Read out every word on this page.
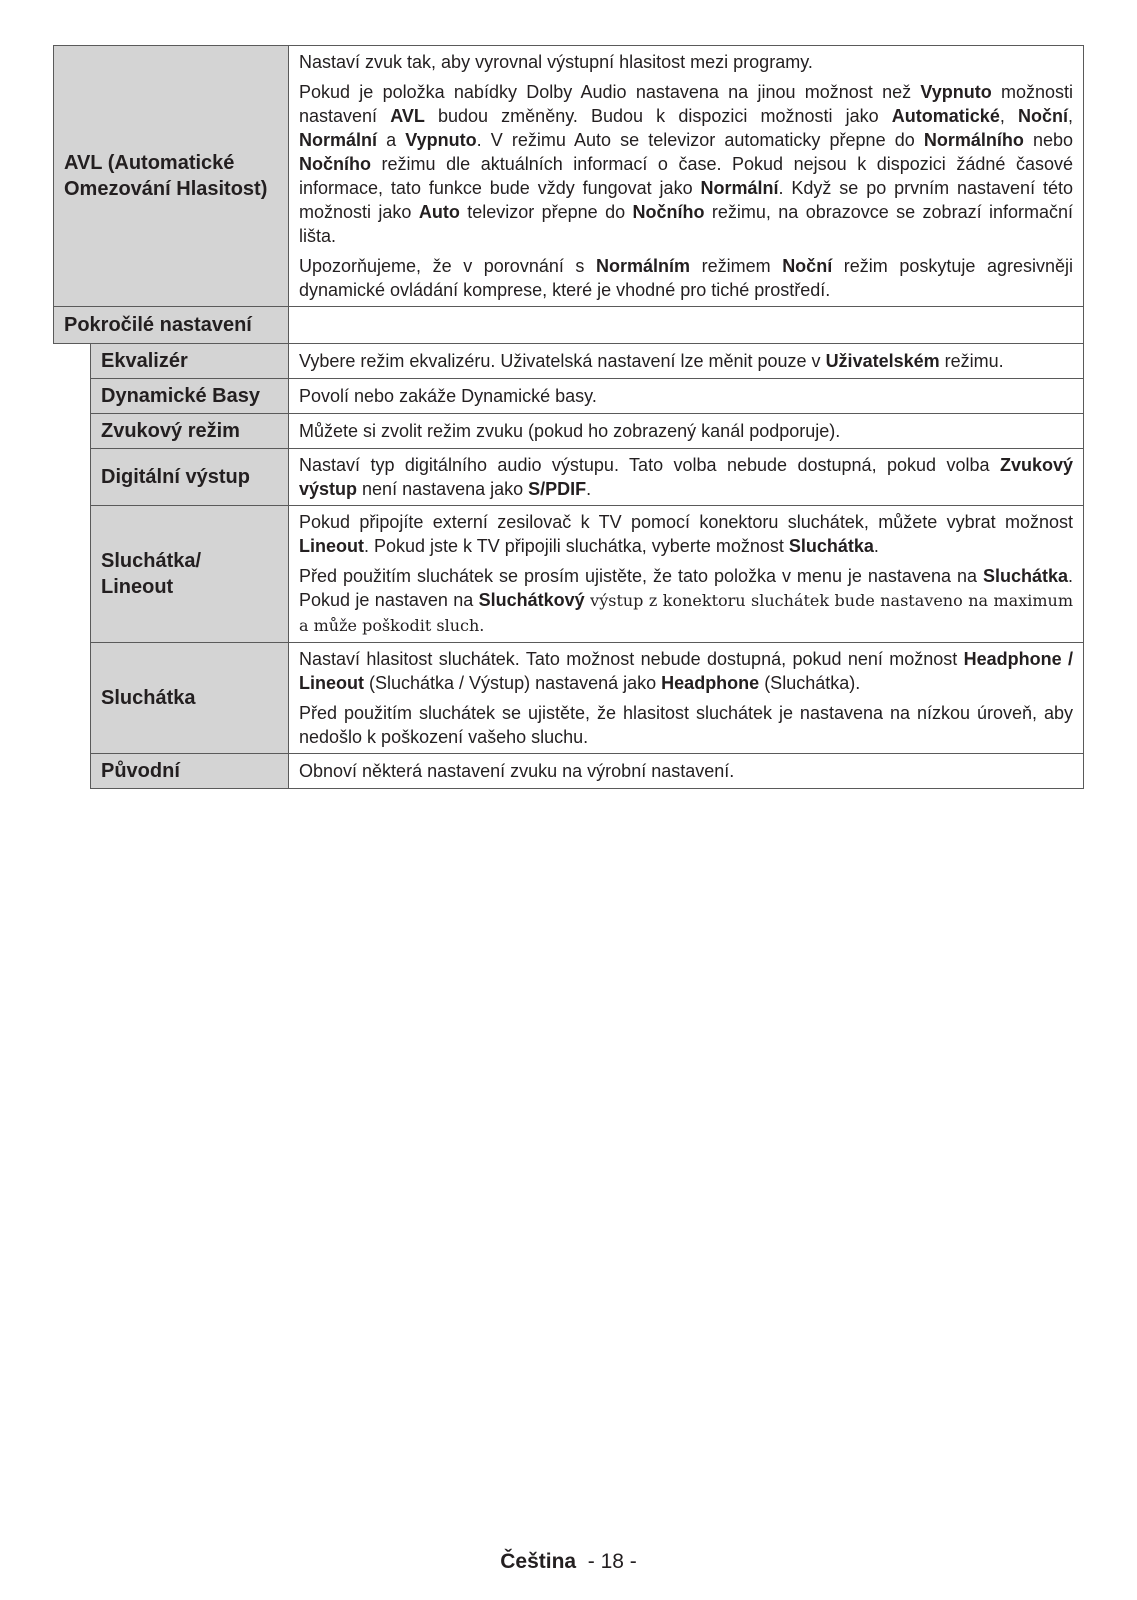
AVL (Automatické Omezování Hlasitost)		Nastaví zvuk tak, aby vyrovnal výstupní hlasitost mezi programy.

Pokud je položka nabídky Dolby Audio nastavena na jinou možnost než Vypnuto možnosti nastavení AVL budou změněny. Budou k dispozici možnosti jako Automatické, Noční, Normální a Vypnuto. V režimu Auto se televizor automaticky přepne do Normálního nebo Nočního režimu dle aktuálních informací o čase. Pokud nejsou k dispozici žádné časové informace, tato funkce bude vždy fungovat jako Normální. Když se po prvním nastavení této možnosti jako Auto televizor přepne do Nočního režimu, na obrazovce se zobrazí informační lišta.

Upozorňujeme, že v porovnání s Normálním režimem Noční režim poskytuje agresivněji dynamické ovládání komprese, které je vhodné pro tiché prostředí.

Pokročilé nastavení		
	Ekvalizér	Vybere režim ekvalizéru. Uživatelská nastavení lze měnit pouze v Uživatelském režimu.

	Dynamické Basy	Povolí nebo zakáže Dynamické basy.

	Zvukový režim	Můžete si zvolit režim zvuku (pokud ho zobrazený kanál podporuje).

	Digitální výstup	Nastaví typ digitálního audio výstupu. Tato volba nebude dostupná, pokud volba Zvukový výstup není nastavena jako S/PDIF.

	Sluchátka/ Lineout	Pokud připojíte externí zesilovač k TV pomocí konektoru sluchátek, můžete vybrat možnost Lineout. Pokud jste k TV připojili sluchátka, vyberte možnost Sluchátka.

Před použitím sluchátek se prosím ujistěte, že tato položka v menu je nastavena na Sluchátka. Pokud je nastaven na Sluchátkový výstup z konektoru sluchátek bude nastaveno na maximum a může poškodit sluch.

	Sluchátka	Nastaví hlasitost sluchátek. Tato možnost nebude dostupná, pokud není možnost Headphone / Lineout (Sluchátka / Výstup) nastavená jako Headphone (Sluchátka).

Před použitím sluchátek se ujistěte, že hlasitost sluchátek je nastavena na nízkou úroveň, aby nedošlo k poškození vašeho sluchu.

	Původní	Obnoví některá nastavení zvuku na výrobní nastavení.

Čeština - 18 -
